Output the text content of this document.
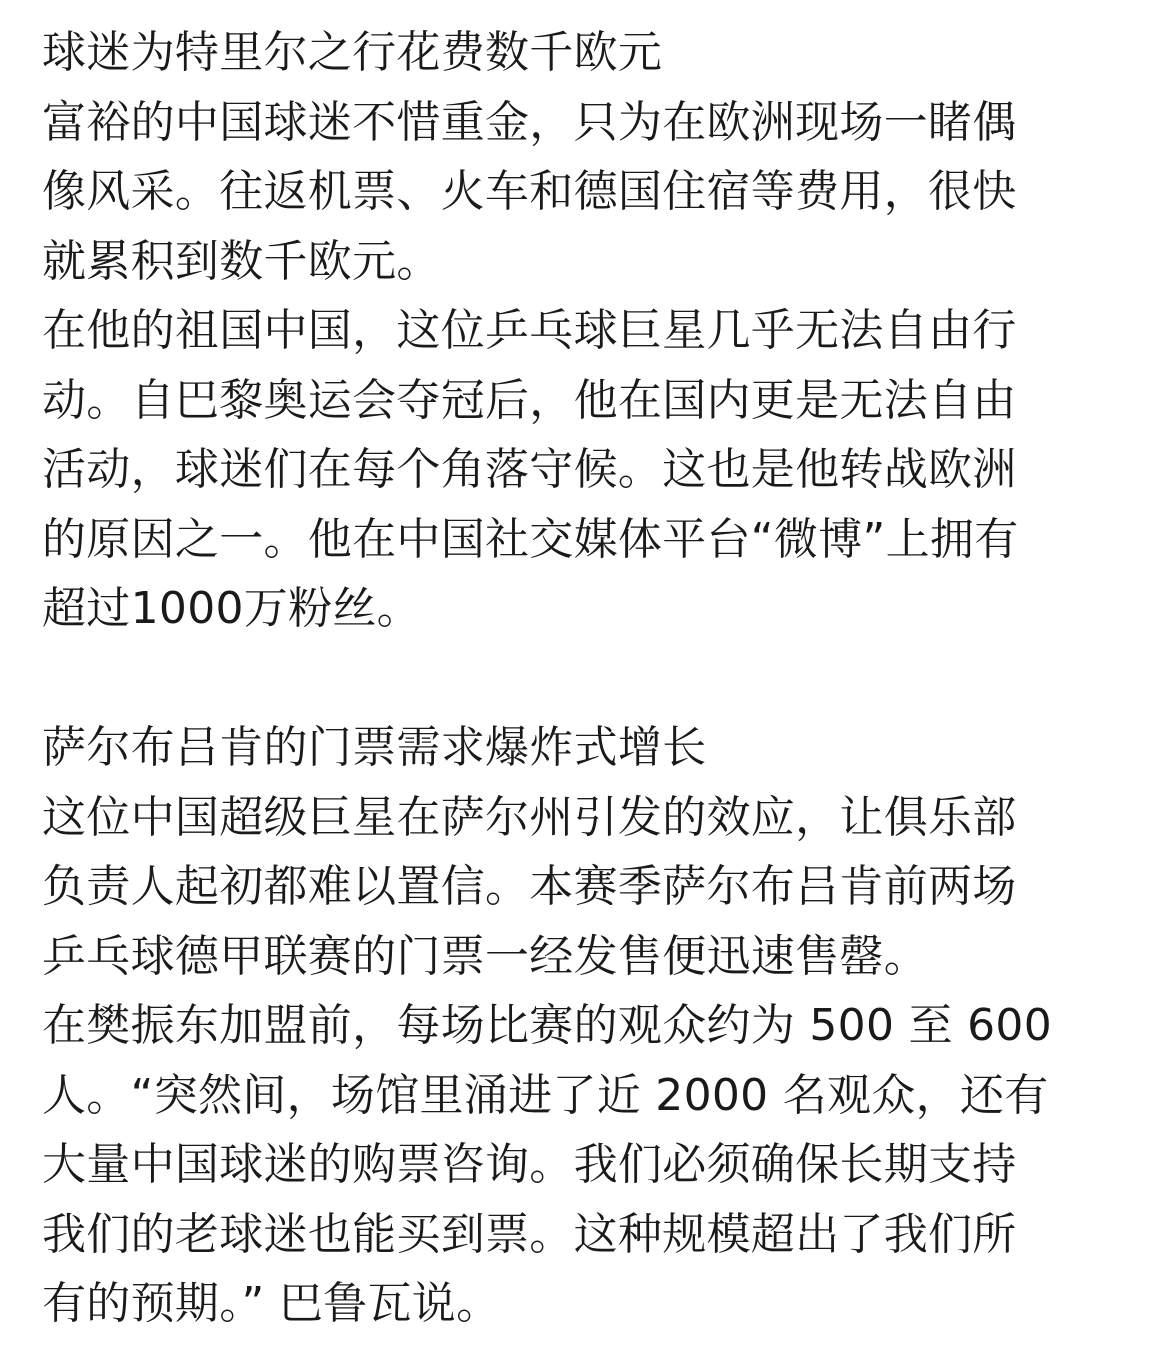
球迷为特里尔之行花费数千欧元
富裕的中国球迷不惜重金，只为在欧洲现场一睹偶
像风采。往返机票、火车和德国住宿等费用，很快
就累积到数千欧元。
在他的祖国中国，这位乒乓球巨星几乎无法自由行
动。自巴黎奥运会夺冠后，他在国内更是无法自由
活动，球迷们在每个角落守候。这也是他转战欧洲
的原因之一。他在中国社交媒体平台“微博”上拥有
超过1000万粉丝。
萨尔布吕肯的门票需求爆炸式增长
这位中国超级巨星在萨尔州引发的效应，让俱乐部
负责人起初都难以置信。本赛季萨尔布吕肯前两场
乒乓球德甲联赛的门票一经发售便迅速售罄。
在樊振东加盟前，每场比赛的观众约为 500 至 600
人。“突然间，场馆里涌进了近 2000 名观众，还有
大量中国球迷的购票咨询。我们必须确保长期支持
我们的老球迷也能买到票。这种规模超出了我们所
有的预期。” 巴鲁瓦说。
